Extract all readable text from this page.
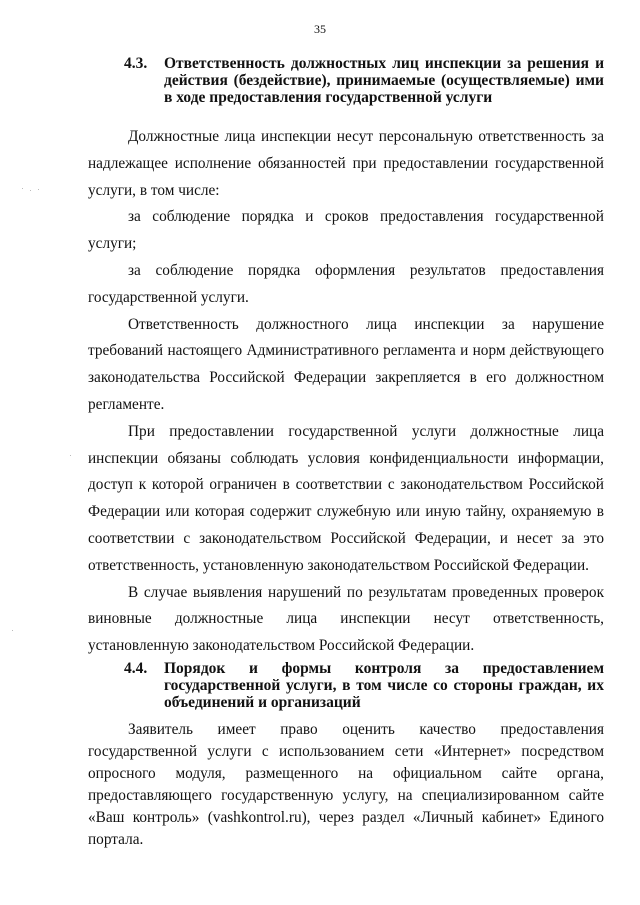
35
4.3. Ответственность должностных лиц инспекции за решения и действия (бездействие), принимаемые (осуществляемые) ими в ходе предоставления государственной услуги

Должностные лица инспекции несут персональную ответственность за надлежащее исполнение обязанностей при предоставлении государственной услуги, в том числе:

за соблюдение порядка и сроков предоставления государственной услуги;

за соблюдение порядка оформления результатов предоставления государственной услуги.

Ответственность должностного лица инспекции за нарушение требований настоящего Административного регламента и норм действующего законодательства Российской Федерации закрепляется в его должностном регламенте.

При предоставлении государственной услуги должностные лица инспекции обязаны соблюдать условия конфиденциальности информации, доступ к которой ограничен в соответствии с законодательством Российской Федерации или которая содержит служебную или иную тайну, охраняемую в соответствии с законодательством Российской Федерации, и несет за это ответственность, установленную законодательством Российской Федерации.

В случае выявления нарушений по результатам проведенных проверок виновные должностные лица инспекции несут ответственность, установленную законодательством Российской Федерации.

4.4. Порядок и формы контроля за предоставлением государственной услуги, в том числе со стороны граждан, их объединений и организаций

Заявитель имеет право оценить качество предоставления государственной услуги с использованием сети «Интернет» посредством опросного модуля, размещенного на официальном сайте органа, предоставляющего государственную услугу, на специализированном сайте «Ваш контроль» (vashkontrol.ru), через раздел «Личный кабинет» Единого портала.
